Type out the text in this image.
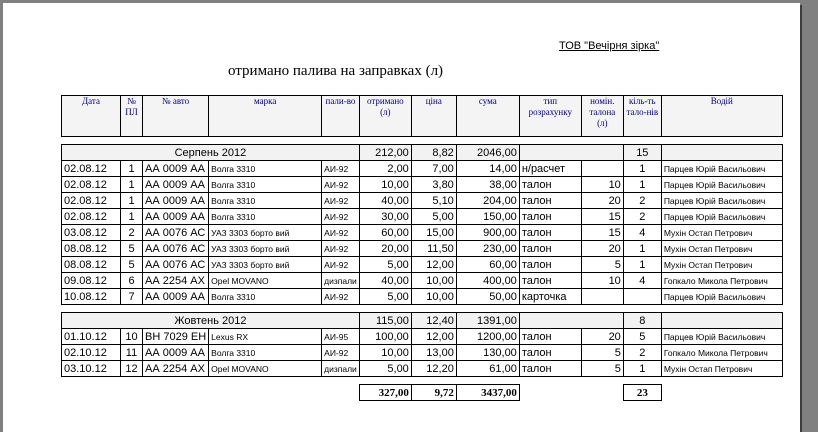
ТОВ "Вечірня зірка"
отримано палива на заправках (л)
Дата	№ ПЛ	№ авто	марка	пали-во	отримано (л)	ціна	сума	тип розрахунку	номін. талона (л)	кіль-ть тало-нів	Водій

Серпень 2012					212,00	8,82	2046,00			15	
02.08.12	1	АА 0009 АА	Волга 3310	АИ-92	2,00	7,00	14,00	н/расчет		1	Парцев Юрій Васильович
02.08.12	1	АА 0009 АА	Волга 3310	АИ-92	10,00	3,80	38,00	талон	10	1	Парцев Юрій Васильович
02.08.12	1	АА 0009 АА	Волга 3310	АИ-92	40,00	5,10	204,00	талон	20	2	Парцев Юрій Васильович
02.08.12	1	АА 0009 АА	Волга 3310	АИ-92	30,00	5,00	150,00	талон	15	2	Парцев Юрій Васильович
03.08.12	2	АА 0076 АС	УАЗ 3303 борто вий	АИ-92	60,00	15,00	900,00	талон	15	4	Мухін Остап Петрович
08.08.12	5	АА 0076 АС	УАЗ 3303 борто вий	АИ-92	20,00	11,50	230,00	талон	20	1	Мухін Остап Петрович
08.08.12	5	АА 0076 АС	УАЗ 3303 борто вий	АИ-92	5,00	12,00	60,00	талон	5	1	Мухін Остап Петрович
09.08.12	6	АА 2254 АХ	Opel MOVANO	дизпали	40,00	10,00	400,00	талон	10	4	Гопкало Микола Петрович
10.08.12	7	АА 0009 АА	Волга 3310	АИ-92	5,00	10,00	50,00	карточка			Парцев Юрій Васильович

Жовтень 2012					115,00	12,40	1391,00			8	
01.10.12	10	ВН 7029 ЕН	Lexus RX	АИ-95	100,00	12,00	1200,00	талон	20	5	Парцев Юрій Васильович
02.10.12	11	АА 0009 АА	Волга 3310	АИ-92	10,00	13,00	130,00	талон	5	2	Гопкало Микола Петрович
03.10.12	12	АА 2254 АХ	Opel MOVANO	дизпали	5,00	12,20	61,00	талон	5	1	Мухін Остап Петрович

					327,00	9,72	3437,00			23	
